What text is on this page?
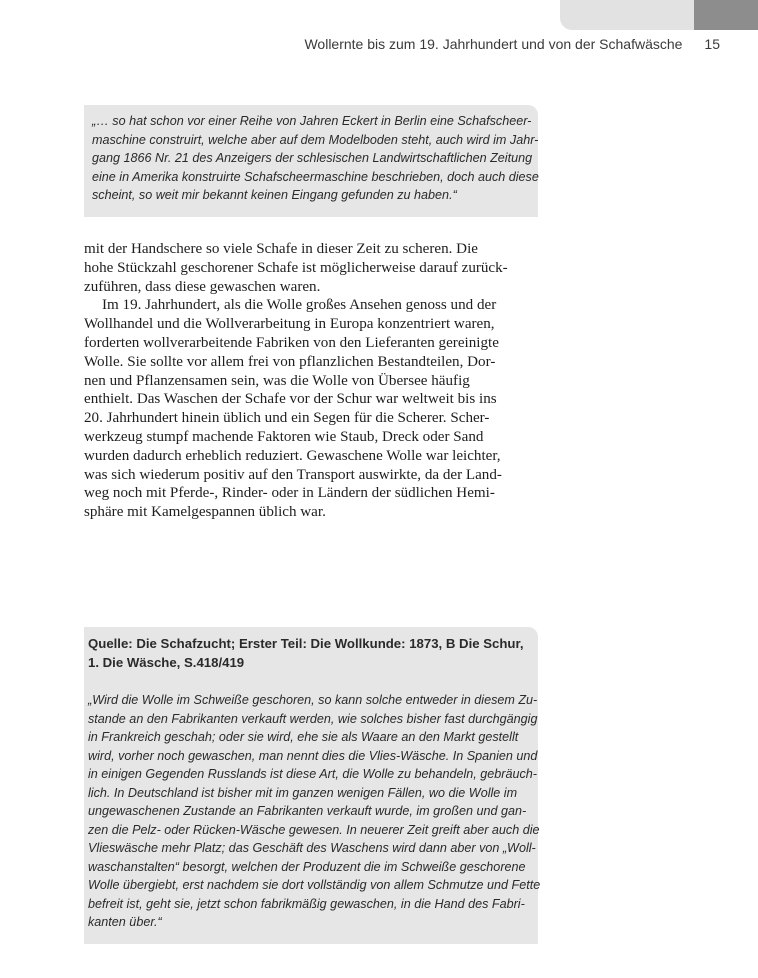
Wollernte bis zum 19. Jahrhundert und von der Schafwäsche 15

„… so hat schon vor einer Reihe von Jahren Eckert in Berlin eine Schafscheer-
maschine construirt, welche aber auf dem Modelboden steht, auch wird im Jahr-
gang 1866 Nr. 21 des Anzeigers der schlesischen Landwirtschaftlichen Zeitung
eine in Amerika konstruirte Schafscheermaschine beschrieben, doch auch diese
scheint, so weit mir bekannt keinen Eingang gefunden zu haben.“

mit der Handschere so viele Schafe in dieser Zeit zu scheren. Die
hohe Stückzahl geschorener Schafe ist möglicherweise darauf zurück-
zuführen, dass diese gewaschen waren.

Im 19. Jahrhundert, als die Wolle großes Ansehen genoss und der
Wollhandel und die Wollverarbeitung in Europa konzentriert waren,
forderten wollverarbeitende Fabriken von den Lieferanten gereinigte
Wolle. Sie sollte vor allem frei von pflanzlichen Bestandteilen, Dor-
nen und Pflanzensamen sein, was die Wolle von Übersee häufig
enthielt. Das Waschen der Schafe vor der Schur war weltweit bis ins
20. Jahrhundert hinein üblich und ein Segen für die Scherer. Scher-
werkzeug stumpf machende Faktoren wie Staub, Dreck oder Sand
wurden dadurch erheblich reduziert. Gewaschene Wolle war leichter,
was sich wiederum positiv auf den Transport auswirkte, da der Land-
weg noch mit Pferde-, Rinder- oder in Ländern der südlichen Hemi-
sphäre mit Kamelgespannen üblich war.

Quelle: Die Schafzucht; Erster Teil: Die Wollkunde: 1873, B Die Schur,
1. Die Wäsche, S.418/419

„Wird die Wolle im Schweiße geschoren, so kann solche entweder in diesem Zu-
stande an den Fabrikanten verkauft werden, wie solches bisher fast durchgängig
in Frankreich geschah; oder sie wird, ehe sie als Waare an den Markt gestellt
wird, vorher noch gewaschen, man nennt dies die Vlies-Wäsche. In Spanien und
in einigen Gegenden Russlands ist diese Art, die Wolle zu behandeln, gebräuch-
lich. In Deutschland ist bisher mit im ganzen wenigen Fällen, wo die Wolle im
ungewaschenen Zustande an Fabrikanten verkauft wurde, im großen und gan-
zen die Pelz- oder Rücken-Wäsche gewesen. In neuerer Zeit greift aber auch die
Vlieswäsche mehr Platz; das Geschäft des Waschens wird dann aber von „Woll-
waschanstalten“ besorgt, welchen der Produzent die im Schweiße geschorene
Wolle übergiebt, erst nachdem sie dort vollständig von allem Schmutze und Fette
befreit ist, geht sie, jetzt schon fabrikmäßig gewaschen, in die Hand des Fabri-
kanten über.“
